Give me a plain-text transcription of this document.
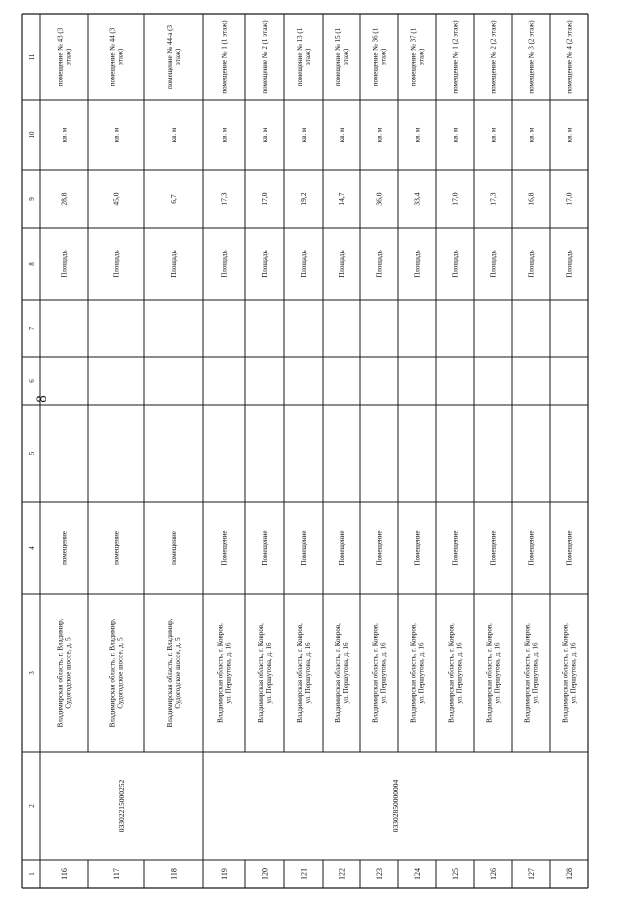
1
2
3
4
5
6
7
8
9
10
11
116
Владимирская область, г. Владимир,Судогодское шоссе, д. 5
помещение
Площадь
28,8
кв. м
помещение № 43 (3этаж)
117
Владимирская область, г. Владимир,Судогодское шоссе, д. 5
помещение
Площадь
45,0
кв. м
помещение № 44 (3этаж)
118
Владимирская область, г. Владимир,Судогодское шоссе, д. 5
помещение
Площадь
6,7
кв. м
помещение № 44-а (3этаж)
119
Владимирская область, г. Ковров,ул. Першутова, д. 16
Помещение
Площадь
17,3
кв. м
помещение № 1 (1 этаж)
120
Владимирская область, г. Ковров,ул. Першутова, д. 16
Помещение
Площадь
17,0
кв. м
помещение № 2 (1 этаж)
121
Владимирская область, г. Ковров,ул. Першутова, д. 16
Помещение
Площадь
19,2
кв. м
помещение № 13 (1этаж)
122
Владимирская область, г. Ковров,ул. Першутова, д. 16
Помещение
Площадь
14,7
кв. м
помещение № 15 (1этаж)
123
Владимирская область, г. Ковров,ул. Першутова, д. 16
Помещение
Площадь
36,0
кв. м
помещение № 36 (1этаж)
124
Владимирская область, г. Ковров,ул. Першутова, д. 16
Помещение
Площадь
33,4
кв. м
помещение № 37 (1этаж)
125
Владимирская область, г. Ковров,ул. Першутова, д. 16
Помещение
Площадь
17,0
кв. м
помещение № 1 (2 этаж)
126
Владимирская область, г. Ковров,ул. Першутова, д. 16
Помещение
Площадь
17,3
кв. м
помещение № 2 (2 этаж)
127
Владимирская область, г. Ковров,ул. Першутова, д. 16
Помещение
Площадь
16,8
кв. м
помещение № 3 (2 этаж)
128
Владимирская область, г. Ковров,ул. Першутова, д. 16
Помещение
Площадь
17,0
кв. м
помещение № 4 (2 этаж)
03302215000252	03302850000004
8
